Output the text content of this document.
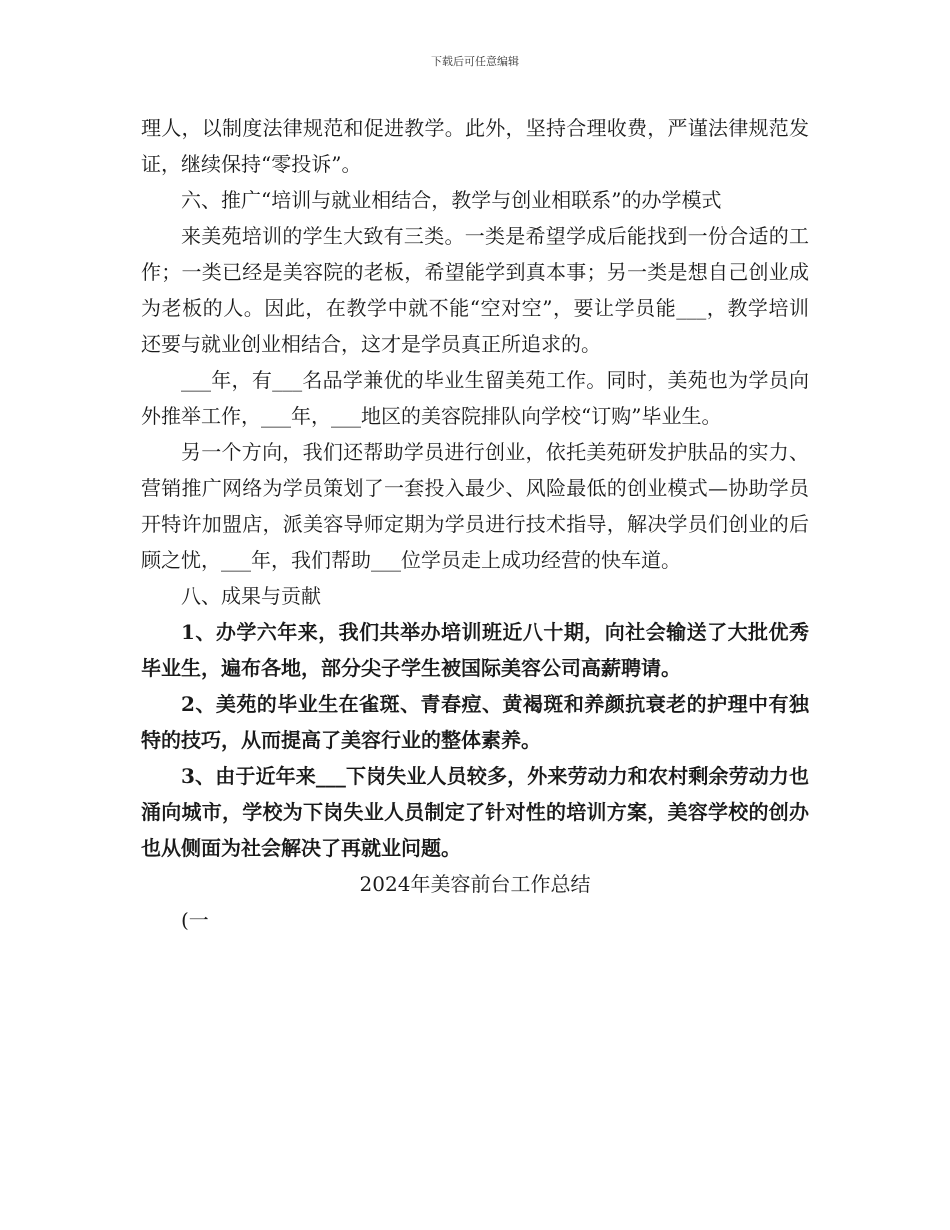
下载后可任意编辑

理人，以制度法律规范和促进教学。此外，坚持合理收费，严谨法律规范发证，继续保持“零投诉”。

六、推广“培训与就业相结合，教学与创业相联系”的办学模式

来美苑培训的学生大致有三类。一类是希望学成后能找到一份合适的工作；一类已经是美容院的老板，希望能学到真本事；另一类是想自己创业成为老板的人。因此，在教学中就不能“空对空”，要让学员能___，教学培训还要与就业创业相结合，这才是学员真正所追求的。

___年，有___名品学兼优的毕业生留美苑工作。同时，美苑也为学员向外推举工作，___年，___地区的美容院排队向学校“订购”毕业生。

另一个方向，我们还帮助学员进行创业，依托美苑研发护肤品的实力、营销推广网络为学员策划了一套投入最少、风险最低的创业模式—协助学员开特许加盟店，派美容导师定期为学员进行技术指导，解决学员们创业的后顾之忧，___年，我们帮助___位学员走上成功经营的快车道。

八、成果与贡献

1、办学六年来，我们共举办培训班近八十期，向社会输送了大批优秀毕业生，遍布各地，部分尖子学生被国际美容公司高薪聘请。

2、美苑的毕业生在雀斑、青春痘、黄褐斑和养颜抗衰老的护理中有独特的技巧，从而提高了美容行业的整体素养。

3、由于近年来___下岗失业人员较多，外来劳动力和农村剩余劳动力也涌向城市，学校为下岗失业人员制定了针对性的培训方案，美容学校的创办也从侧面为社会解决了再就业问题。

2024年美容前台工作总结

(一
